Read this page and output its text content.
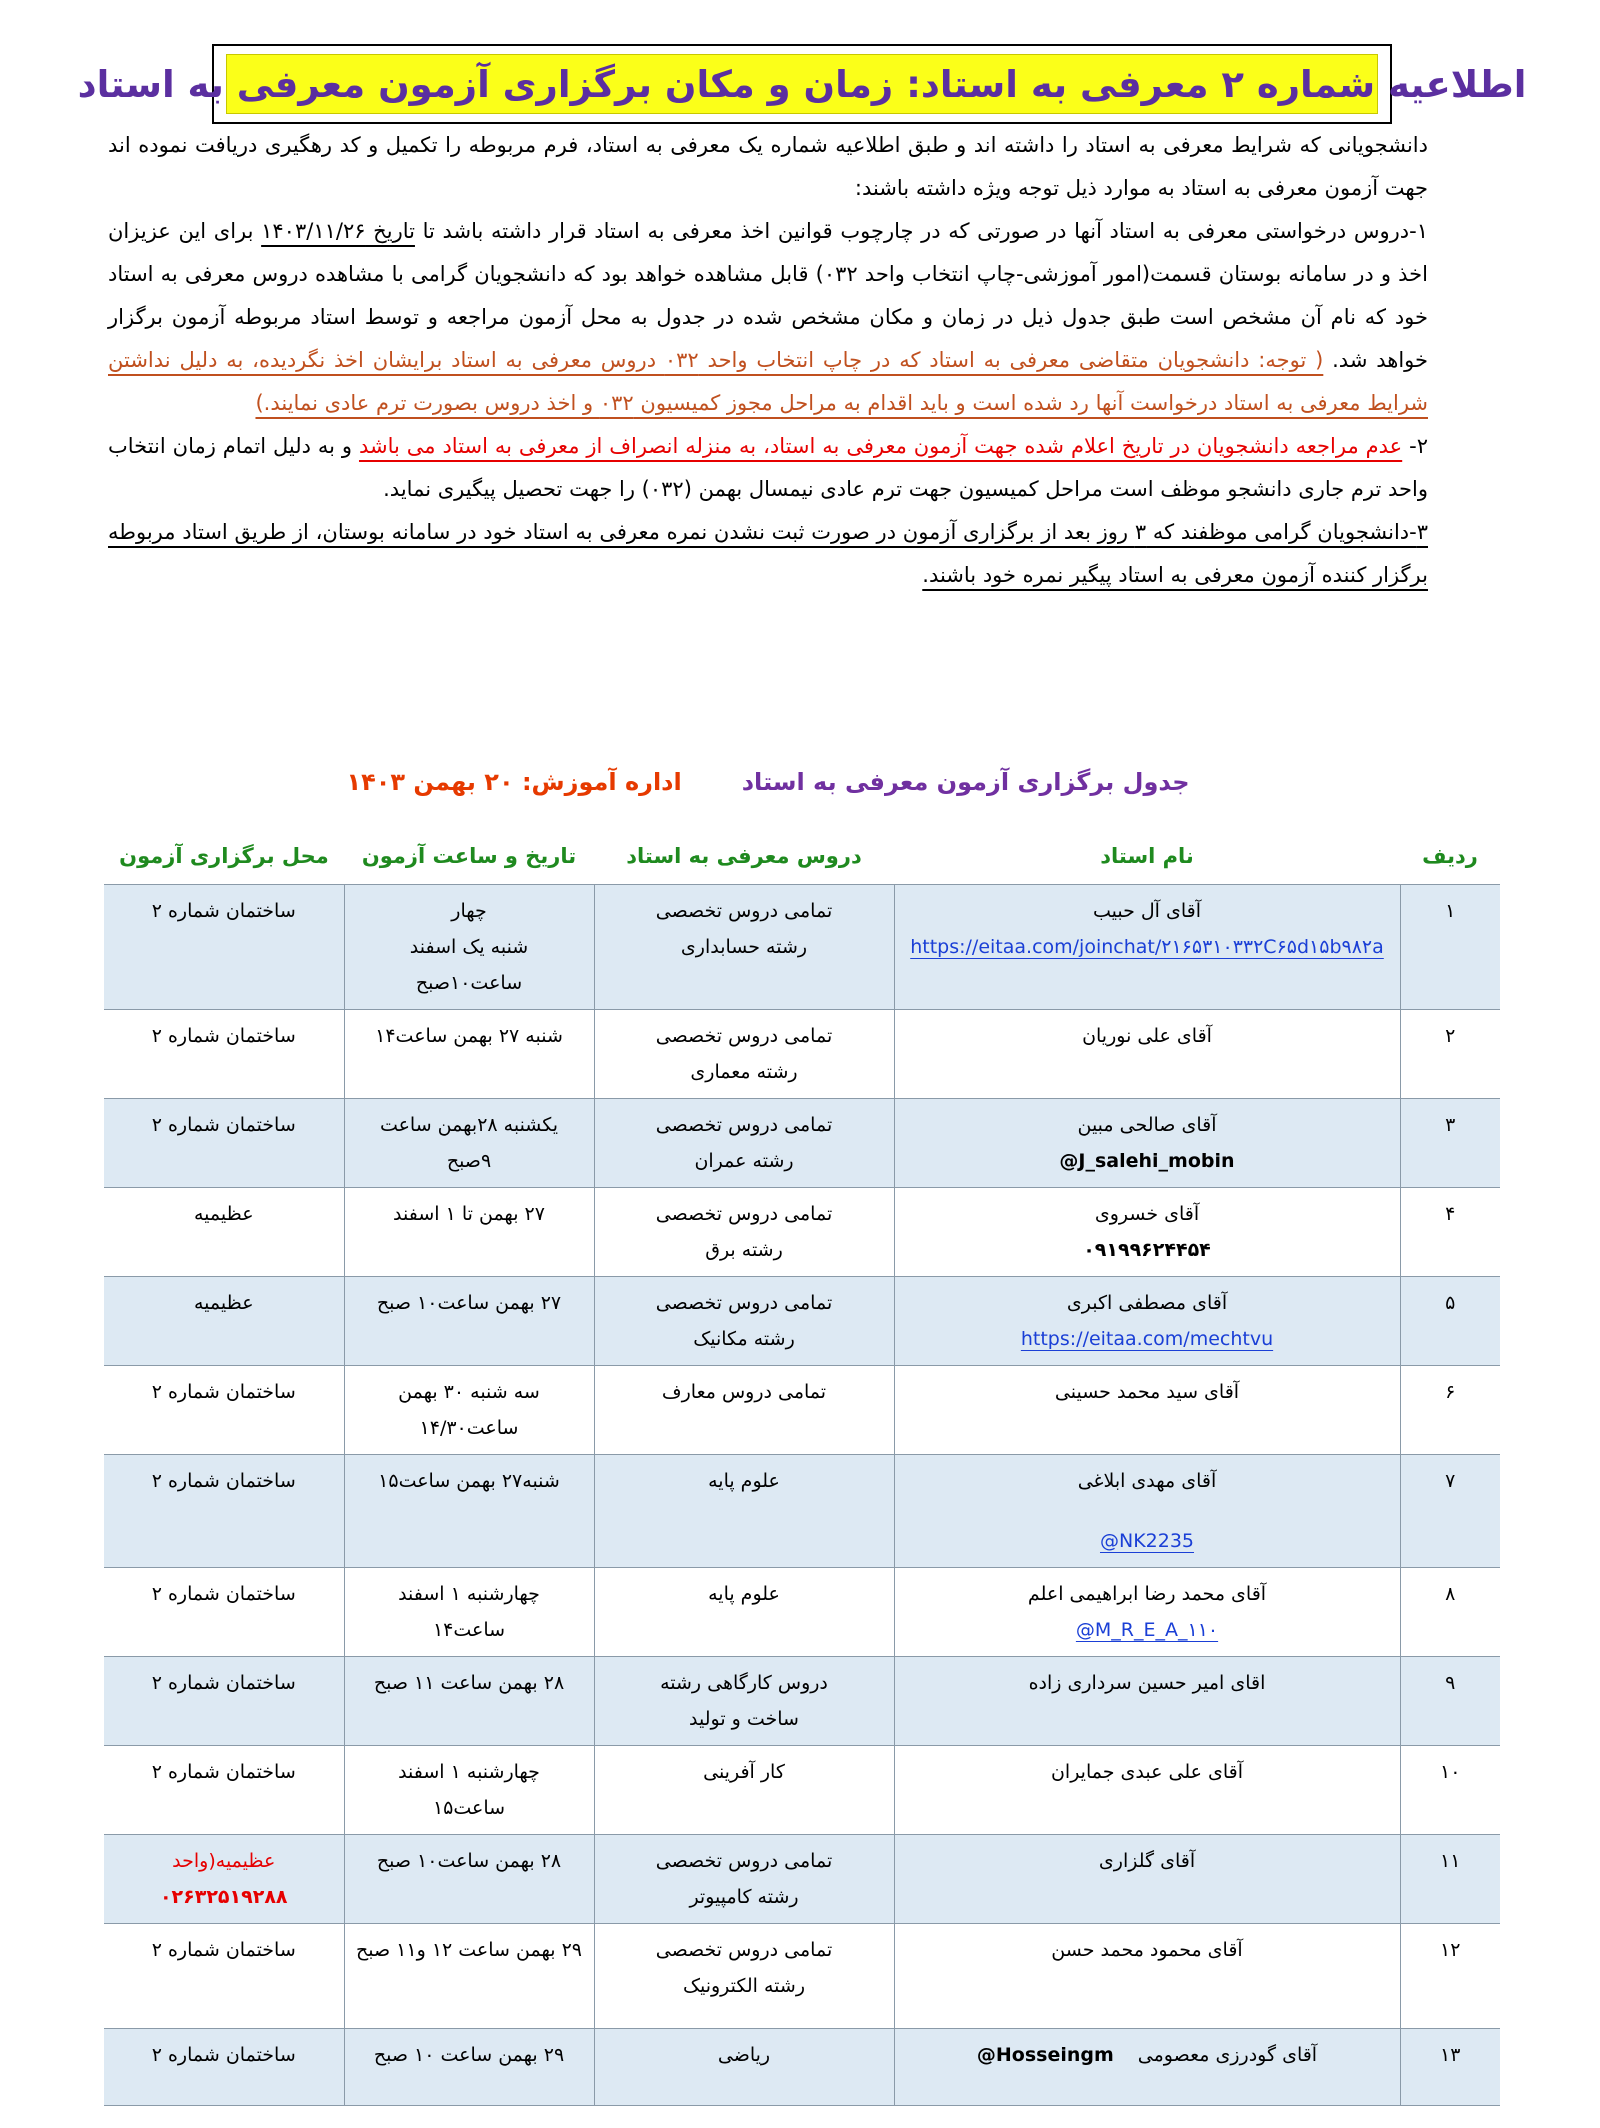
اطلاعیه شماره ۲ معرفی به استاد: زمان و مکان برگزاری آزمون معرفی به استاد

دانشجویانی که شرایط معرفی به استاد را داشته اند و طبق اطلاعیه شماره یک معرفی به استاد، فرم مربوطه را تکمیل و کد رهگیری دریافت نموده اند جهت آزمون معرفی به استاد به موارد ذیل توجه ویژه داشته باشند:

۱-دروس درخواستی معرفی به استاد آنها در صورتی که در چارچوب قوانین اخذ معرفی به استاد قرار داشته باشد تا تاریخ ۱۴۰۳/۱۱/۲۶ برای این عزیزان اخذ و در سامانه بوستان قسمت(امور آموزشی-چاپ انتخاب واحد ۰۳۲) قابل مشاهده خواهد بود که دانشجویان گرامی با مشاهده دروس معرفی به استاد خود که نام آن مشخص است طبق جدول ذیل در زمان و مکان مشخص شده در جدول به محل آزمون مراجعه و توسط استاد مربوطه آزمون برگزار خواهد شد. ( توجه: دانشجویان متقاضی معرفی به استاد که در چاپ انتخاب واحد ۰۳۲ دروس معرفی به استاد برایشان اخذ نگردیده، به دلیل نداشتن شرایط معرفی به استاد درخواست آنها رد شده است و باید اقدام به مراحل مجوز کمیسیون ۰۳۲ و اخذ دروس بصورت ترم عادی نمایند.)

۲- عدم مراجعه دانشجویان در تاریخ اعلام شده جهت آزمون معرفی به استاد، به منزله انصراف از معرفی به استاد می باشد و به دلیل اتمام زمان انتخاب واحد ترم جاری دانشجو موظف است مراحل کمیسیون جهت ترم عادی نیمسال بهمن (۰۳۲) را جهت تحصیل پیگیری نماید.

۳-دانشجویان گرامی موظفند که ۳ روز بعد از برگزاری آزمون در صورت ثبت نشدن نمره معرفی به استاد خود در سامانه بوستان، از طریق استاد مربوطه برگزار کننده آزمون معرفی به استاد پیگیر نمره خود باشند.

جدول برگزاری آزمون معرفی به استاد
اداره آموزش: ۲۰ بهمن ۱۴۰۳
ردیف	نام استاد	دروس معرفی به استاد	تاریخ و ساعت آزمون	محل برگزاری آزمون
۱	آقای آل حبیب
https://eitaa.com/joinchat/۲۱۶۵۳۱۰۳۳۲C۶۵d۱۵b۹۸۲a	تمامی دروس تخصصی
رشته حسابداری	چهار
شنبه یک اسفند
ساعت۱۰صبح	ساختمان شماره ۲

۲	آقای علی نوریان	تمامی دروس تخصصی
رشته معماری	شنبه ۲۷ بهمن ساعت۱۴	ساختمان شماره ۲

۳	آقای صالحی مبین
@J_salehi_mobin	تمامی دروس تخصصی
رشته عمران	یکشنبه ۲۸بهمن ساعت
۹صبح	ساختمان شماره ۲

۴	آقای خسروی
۰۹۱۹۹۶۲۴۴۵۴	تمامی دروس تخصصی
رشته برق	۲۷ بهمن تا ۱ اسفند	عظیمیه

۵	آقای مصطفی اکبری
https://eitaa.com/mechtvu	تمامی دروس تخصصی
رشته مکانیک	۲۷ بهمن ساعت۱۰ صبح	عظیمیه

۶	آقای سید محمد حسینی	تمامی دروس معارف	سه شنبه ۳۰ بهمن
ساعت۱۴/۳۰	ساختمان شماره ۲

۷	آقای مهدی ابلاغی
@NK2235	علوم پایه	شنبه۲۷ بهمن ساعت۱۵	ساختمان شماره ۲

۸	آقای محمد رضا ابراهیمی اعلم
@M_R_E_A_۱۱۰	علوم پایه	چهارشنبه ۱ اسفند
ساعت۱۴	ساختمان شماره ۲

۹	اقای امیر حسین سرداری زاده	دروس کارگاهی رشته
ساخت و تولید	۲۸ بهمن ساعت ۱۱ صبح	ساختمان شماره ۲

۱۰	آقای علی عبدی جمایران	کار آفرینی	چهارشنبه ۱ اسفند
ساعت۱۵	ساختمان شماره ۲

۱۱	آقای گلزاری	تمامی دروس تخصصی
رشته کامپیوتر	۲۸ بهمن ساعت۱۰ صبح	عظیمیه(واحد
۰۲۶۳۲۵۱۹۲۸۸

۱۲	آقای محمود محمد حسن	تمامی دروس تخصصی
رشته الکترونیک	۲۹ بهمن ساعت ۱۲ و۱۱ صبح	ساختمان شماره ۲

۱۳	آقای گودرزی معصومیHosseingm@	ریاضی	۲۹ بهمن ساعت ۱۰ صبح	ساختمان شماره ۲
